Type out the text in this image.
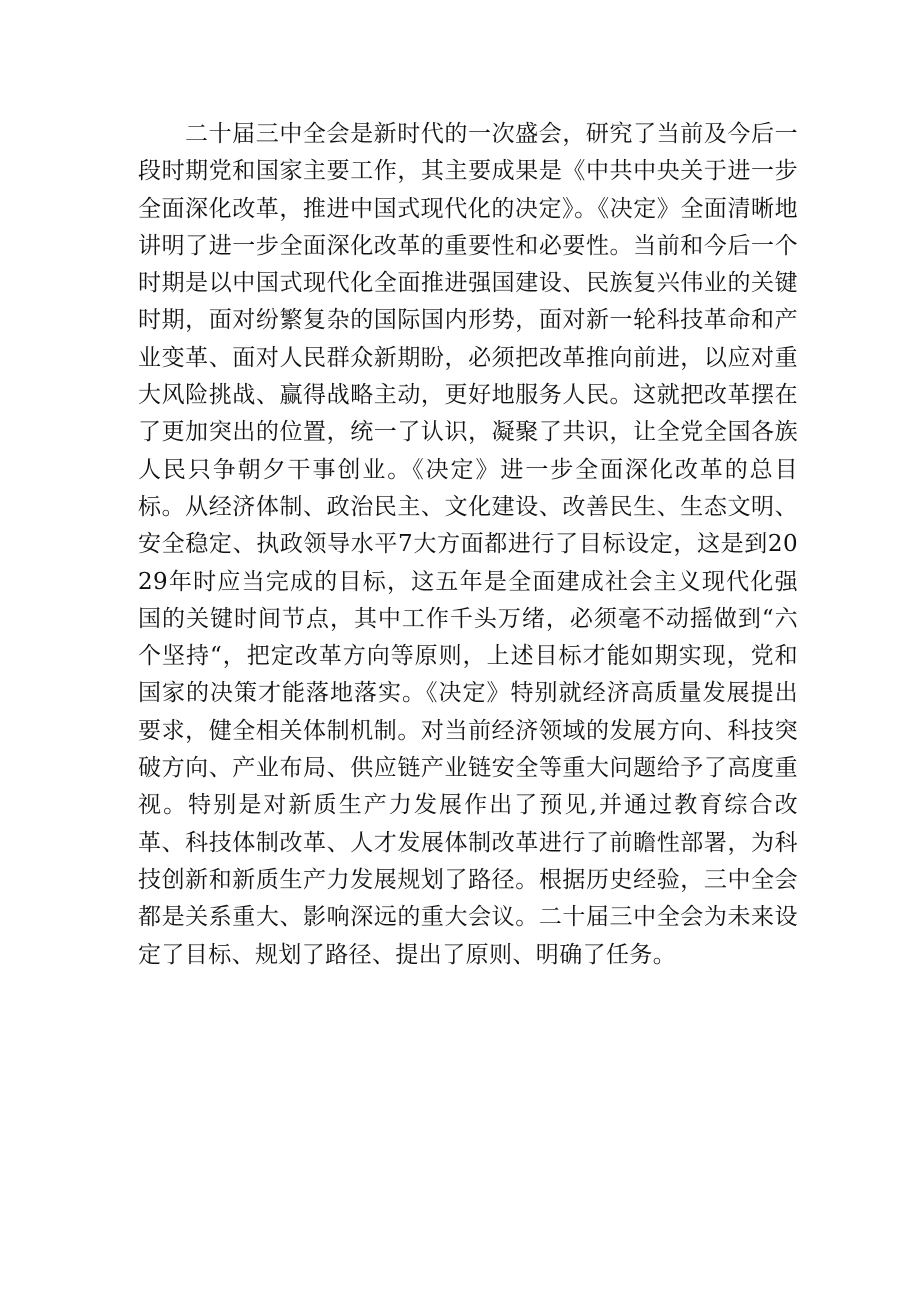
二十届三中全会是新时代的一次盛会，研究了当前及今后一段时期党和国家主要工作，其主要成果是《中共中央关于进一步全面深化改革，推进中国式现代化的决定》。《决定》全面清晰地讲明了进一步全面深化改革的重要性和必要性。当前和今后一个时期是以中国式现代化全面推进强国建设、民族复兴伟业的关键时期，面对纷繁复杂的国际国内形势，面对新一轮科技革命和产业变革、面对人民群众新期盼，必须把改革推向前进，以应对重大风险挑战、赢得战略主动，更好地服务人民。这就把改革摆在了更加突出的位置，统一了认识，凝聚了共识，让全党全国各族人民只争朝夕干事创业。《决定》进一步全面深化改革的总目标。从经济体制、政治民主、文化建设、改善民生、生态文明、安全稳定、执政领导水平7大方面都进行了目标设定，这是到2029年时应当完成的目标，这五年是全面建成社会主义现代化强国的关键时间节点，其中工作千头万绪，必须毫不动摇做到“六个坚持“，把定改革方向等原则，上述目标才能如期实现，党和国家的决策才能落地落实。《决定》特别就经济高质量发展提出要求，健全相关体制机制。对当前经济领域的发展方向、科技突破方向、产业布局、供应链产业链安全等重大问题给予了高度重视。特别是对新质生产力发展作出了预见,并通过教育综合改革、科技体制改革、人才发展体制改革进行了前瞻性部署，为科技创新和新质生产力发展规划了路径。根据历史经验，三中全会都是关系重大、影响深远的重大会议。二十届三中全会为未来设定了目标、规划了路径、提出了原则、明确了任务。
